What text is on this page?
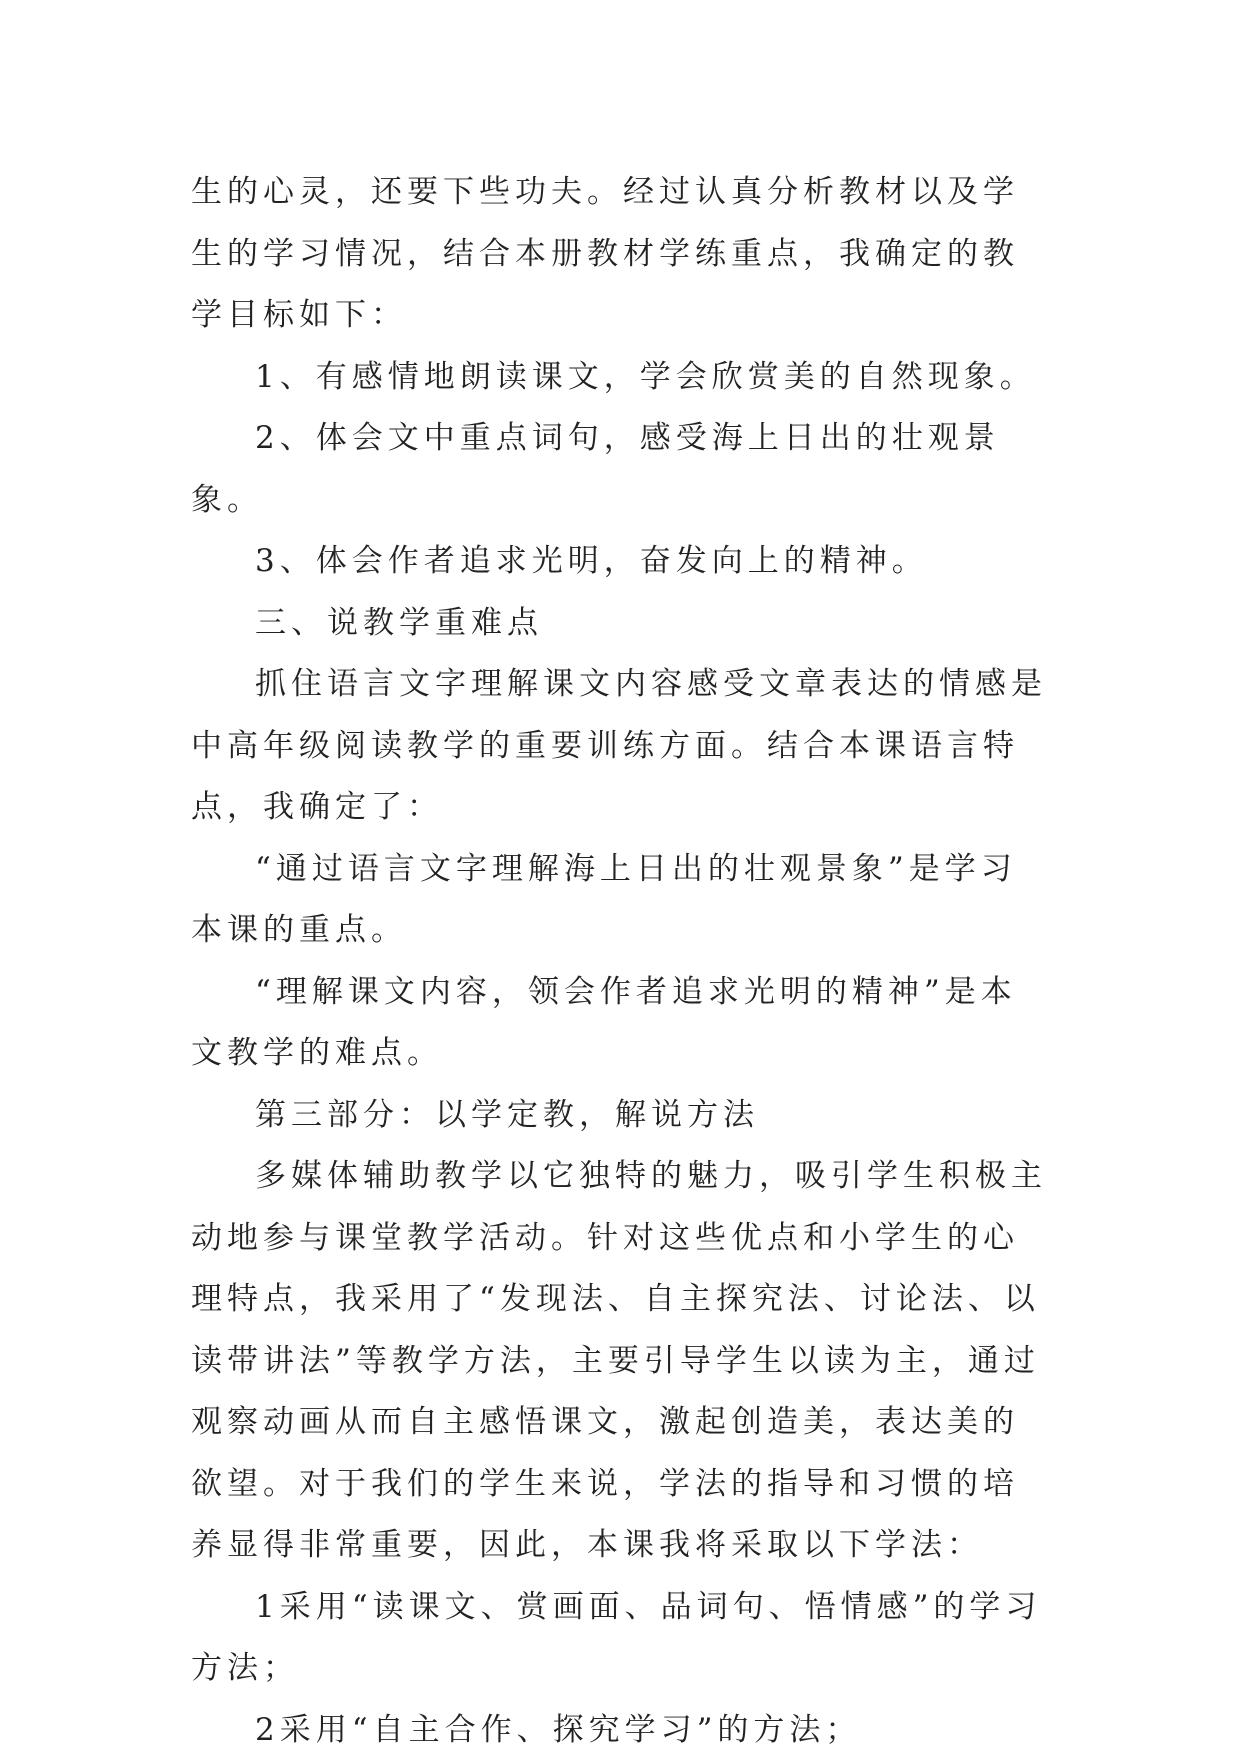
生的心灵，还要下些功夫。经过认真分析教材以及学生的学习情况，结合本册教材学练重点，我确定的教学目标如下：

1、有感情地朗读课文，学会欣赏美的自然现象。

2、体会文中重点词句，感受海上日出的壮观景象。

3、体会作者追求光明，奋发向上的精神。

三、说教学重难点

抓住语言文字理解课文内容感受文章表达的情感是中高年级阅读教学的重要训练方面。结合本课语言特点，我确定了：

“通过语言文字理解海上日出的壮观景象”是学习本课的重点。

“理解课文内容，领会作者追求光明的精神”是本文教学的难点。

第三部分：以学定教，解说方法

多媒体辅助教学以它独特的魅力，吸引学生积极主动地参与课堂教学活动。针对这些优点和小学生的心理特点，我采用了“发现法、自主探究法、讨论法、以读带讲法”等教学方法，主要引导学生以读为主，通过观察动画从而自主感悟课文，激起创造美，表达美的欲望。对于我们的学生来说，学法的指导和习惯的培养显得非常重要，因此，本课我将采取以下学法：

1采用“读课文、赏画面、品词句、悟情感”的学习方法；

2采用“自主合作、探究学习”的方法；
